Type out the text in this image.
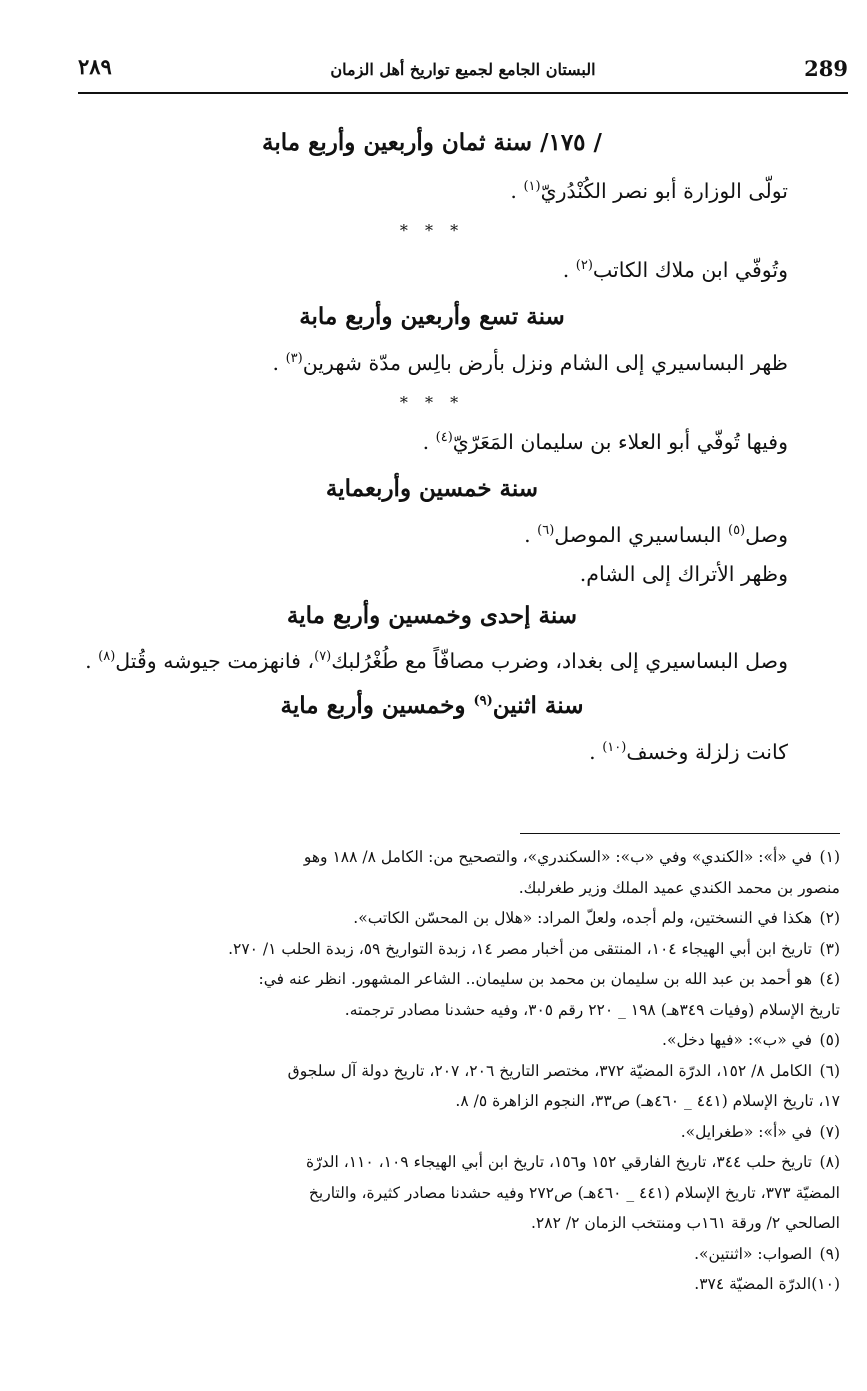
٢٨٩	البستان الجامع لجميع تواريخ أهل الزمان	289
/ ١٧٥/ سنة ثمان وأربعين وأربع مابة
تولّى الوزارة أبو نصر الكُنْدُريّ$^{(١)}$ .
* * *
وتُوفّي ابن ملاك الكاتب$^{(٢)}$ .
سنة تسع وأربعين وأربع مابة
ظهر البساسيري إلى الشام ونزل بأرض بالِس مدّة شهرين$^{(٣)}$ .
* * *
وفيها تُوفّي أبو العلاء بن سليمان المَعَرّيّ$^{(٤)}$ .
سنة خمسين وأربعماية
وصل$^{(٥)}$ البساسيري الموصل$^{(٦)}$ .
وظهر الأتراك إلى الشام.
سنة إحدى وخمسين وأربع ماية
وصل البساسيري إلى بغداد، وضرب مصافّاً مع طُغْرُلبك$^{(٧)}$، فانهزمت جيوشه وقُتل$^{(٨)}$ .
سنة اثنين$^{(٩)}$ وخمسين وأربع ماية
كانت زلزلة وخسف$^{(١٠)}$ .
(١)في «أ»: «الكندي» وفي «ب»: «السكندري»، والتصحيح من: الكامل ٨/ ١٨٨ وهو
منصور بن محمد الكندي عميد الملك وزير طغرلبك.
(٢)هكذا في النسختين، ولم أجده، ولعلّ المراد: «هلال بن المحسّن الكاتب».
(٣)تاريخ ابن أبي الهيجاء ١٠٤، المنتقى من أخبار مصر ١٤، زبدة التواريخ ٥٩، زبدة الحلب ١/ ٢٧٠.
(٤)هو أحمد بن عبد الله بن سليمان بن محمد بن سليمان.. الشاعر المشهور. انظر عنه في:
تاريخ الإسلام (وفيات ٣٤٩هـ) ١٩٨ _ ٢٢٠ رقم ٣٠٥، وفيه حشدنا مصادر ترجمته.
(٥)في «ب»: «فيها دخل».
(٦)الكامل ٨/ ١٥٢، الدرّة المضيّة ٣٧٢، مختصر التاريخ ٢٠٦، ٢٠٧، تاريخ دولة آل سلجوق
١٧، تاريخ الإسلام (٤٤١ _ ٤٦٠هـ) ص٣٣، النجوم الزاهرة ٥/ ٨.
(٧)في «أ»: «طغرايل».
(٨)تاريخ حلب ٣٤٤، تاريخ الفارقي ١٥٢ و١٥٦، تاريخ ابن أبي الهيجاء ١٠٩، ١١٠، الدرّة
المضيّة ٣٧٣، تاريخ الإسلام (٤٤١ _ ٤٦٠هـ) ص٢٧٢ وفيه حشدنا مصادر كثيرة، والتاريخ
الصالحي ٢/ ورقة ١٦١ب ومنتخب الزمان ٢/ ٢٨٢.
(٩)الصواب: «اثنتين».
(١٠)الدرّة المضيّة ٣٧٤.
